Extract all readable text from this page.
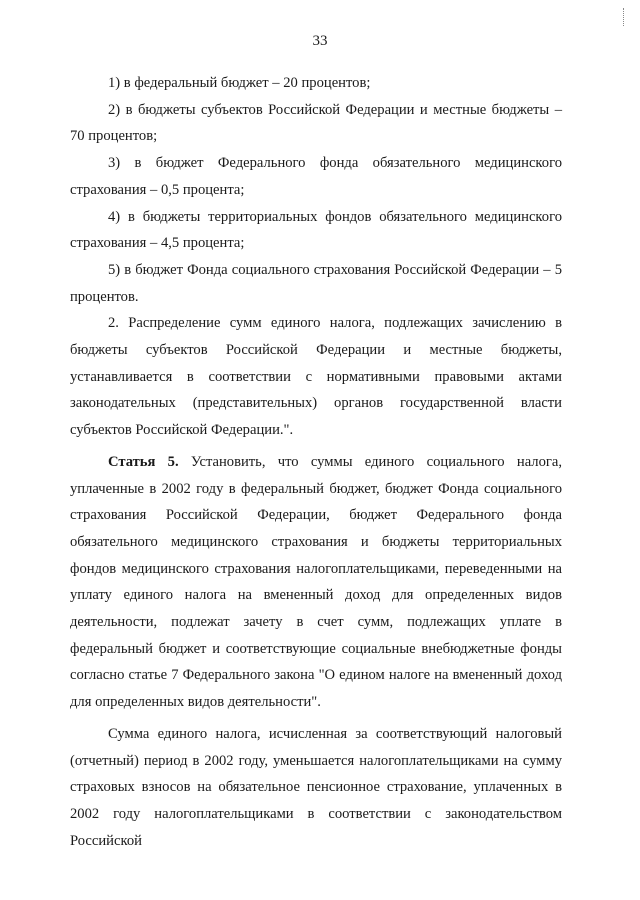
33

1) в федеральный бюджет – 20 процентов;

2) в бюджеты субъектов Российской Федерации и местные бюджеты – 70 процентов;

3) в бюджет Федерального фонда обязательного медицинского страхования – 0,5 процента;

4) в бюджеты территориальных фондов обязательного медицинского страхования – 4,5 процента;

5) в бюджет Фонда социального страхования Российской Федерации – 5 процентов.

2. Распределение сумм единого налога, подлежащих зачислению в бюджеты субъектов Российской Федерации и местные бюджеты, устанавливается в соответствии с нормативными правовыми актами законодательных (представительных) органов государственной власти субъектов Российской Федерации.".

Статья 5. Установить, что суммы единого социального налога, уплаченные в 2002 году в федеральный бюджет, бюджет Фонда социального страхования Российской Федерации, бюджет Федерального фонда обязательного медицинского страхования и бюджеты территориальных фондов медицинского страхования налогоплательщиками, переведенными на уплату единого налога на вмененный доход для определенных видов деятельности, подлежат зачету в счет сумм, подлежащих уплате в федеральный бюджет и соответствующие социальные внебюджетные фонды согласно статье 7 Федерального закона "О едином налоге на вмененный доход для определенных видов деятельности".

Сумма единого налога, исчисленная за соответствующий налоговый (отчетный) период в 2002 году, уменьшается налогоплательщиками на сумму страховых взносов на обязательное пенсионное страхование, уплаченных в 2002 году налогоплательщиками в соответствии с законодательством Российской
